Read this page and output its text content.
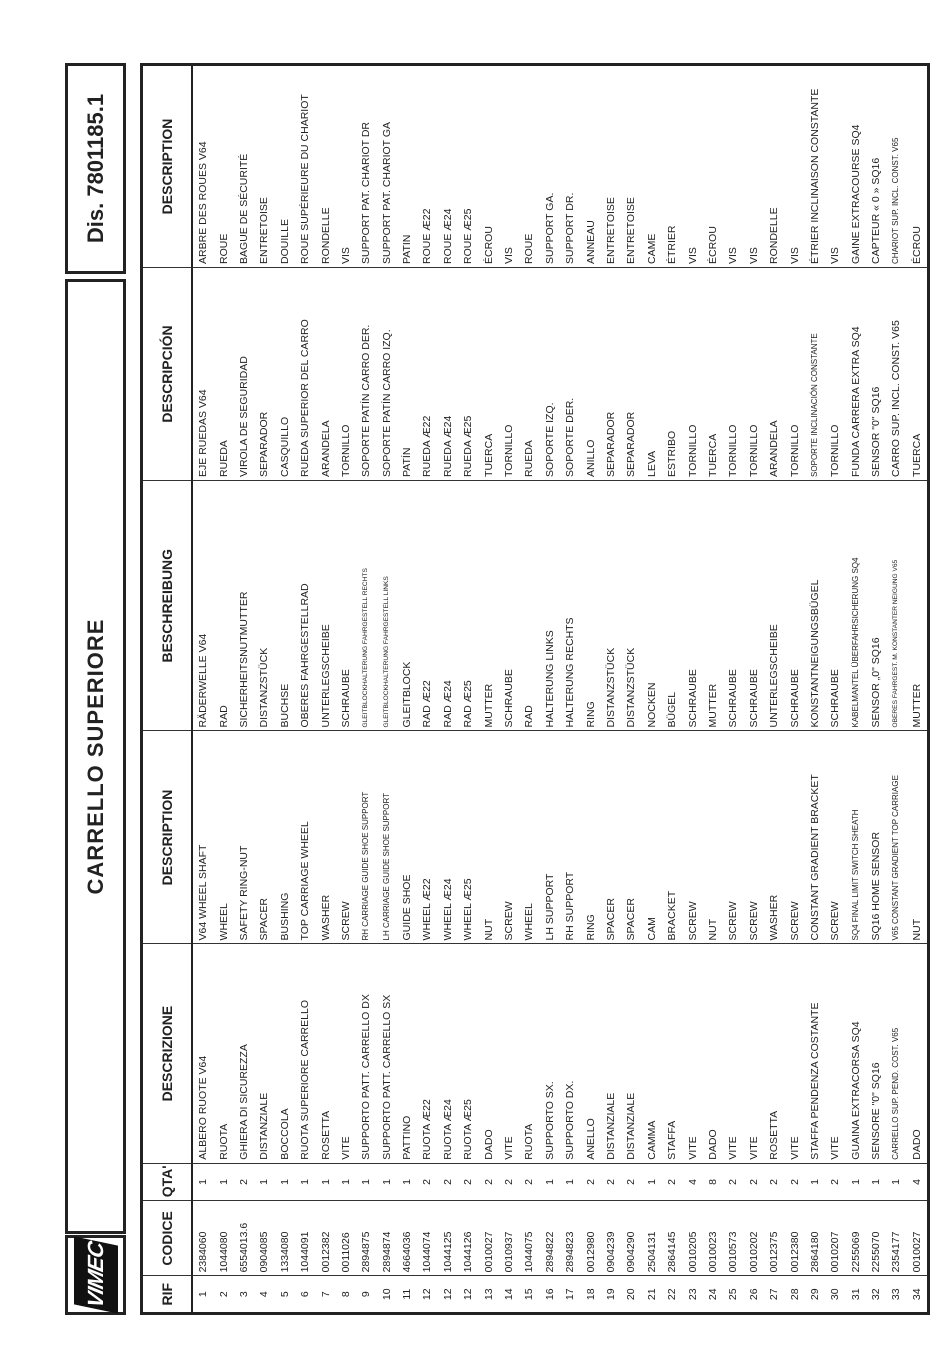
VIMEC
CARRELLO SUPERIORE
Dis. 7801185.1
RIF	CODICE	QTA'	DESCRIZIONE	DESCRIPTION	BESCHREIBUNG	DESCRIPCIÓN	DESCRIPTION
1	2384060	1	ALBERO RUOTE V64	V64 WHEEL SHAFT	RÄDERWELLE V64	EJE RUEDAS V64	ARBRE DES ROUES V64
2	1044080	1	RUOTA	WHEEL	RAD	RUEDA	ROUE
3	6554013.6	2	GHIERA DI SICUREZZA	SAFETY RING-NUT	SICHERHEITSNUTMUTTER	VIROLA DE SEGURIDAD	BAGUE DE SÉCURITÉ
4	0904085	1	DISTANZIALE	SPACER	DISTANZSTÜCK	SEPARADOR	ENTRETOISE
5	1334080	1	BOCCOLA	BUSHING	BUCHSE	CASQUILLO	DOUILLE
6	1044091	1	RUOTA SUPERIORE CARRELLO	TOP CARRIAGE WHEEL	OBERES FAHRGESTELLRAD	RUEDA SUPERIOR DEL CARRO	ROUE SUPÉRIEURE DU CHARIOT
7	0012382	1	ROSETTA	WASHER	UNTERLEGSCHEIBE	ARANDELA	RONDELLE
8	0011026	1	VITE	SCREW	SCHRAUBE	TORNILLO	VIS
9	2894875	1	SUPPORTO PATT. CARRELLO DX	RH CARRIAGE GUIDE SHOE SUPPORT	GLEITBLOCKHALTERUNG FAHRGESTELL RECHTS	SOPORTE PATÍN CARRO DER.	SUPPORT PAT. CHARIOT DR
10	2894874	1	SUPPORTO PATT. CARRELLO SX	LH CARRIAGE GUIDE SHOE SUPPORT	GLEITBLOCKHALTERUNG FAHRGESTELL LINKS	SOPORTE PATÍN CARRO IZQ.	SUPPORT PAT. CHARIOT GA
11	4664036	1	PATTINO	GUIDE SHOE	GLEITBLOCK	PATÍN	PATIN
12	1044074	2	RUOTA Æ22	WHEEL Æ22	RAD Æ22	RUEDA Æ22	ROUE Æ22
12	1044125	2	RUOTA Æ24	WHEEL Æ24	RAD Æ24	RUEDA Æ24	ROUE Æ24
12	1044126	2	RUOTA Æ25	WHEEL Æ25	RAD Æ25	RUEDA Æ25	ROUE Æ25
13	0010027	2	DADO	NUT	MUTTER	TUERCA	ÉCROU
14	0010937	2	VITE	SCREW	SCHRAUBE	TORNILLO	VIS
15	1044075	2	RUOTA	WHEEL	RAD	RUEDA	ROUE
16	2894822	1	SUPPORTO SX.	LH SUPPORT	HALTERUNG LINKS	SOPORTE IZQ.	SUPPORT GA.
17	2894823	1	SUPPORTO DX.	RH SUPPORT	HALTERUNG RECHTS	SOPORTE DER.	SUPPORT DR.
18	0012980	2	ANELLO	RING	RING	ANILLO	ANNEAU
19	0904239	2	DISTANZIALE	SPACER	DISTANZSTÜCK	SEPARADOR	ENTRETOISE
20	0904290	2	DISTANZIALE	SPACER	DISTANZSTÜCK	SEPARADOR	ENTRETOISE
21	2504131	1	CAMMA	CAM	NOCKEN	LEVA	CAME
22	2864145	2	STAFFA	BRACKET	BÜGEL	ESTRIBO	ÉTRIER
23	0010205	4	VITE	SCREW	SCHRAUBE	TORNILLO	VIS
24	0010023	8	DADO	NUT	MUTTER	TUERCA	ÉCROU
25	0010573	2	VITE	SCREW	SCHRAUBE	TORNILLO	VIS
26	0010202	2	VITE	SCREW	SCHRAUBE	TORNILLO	VIS
27	0012375	2	ROSETTA	WASHER	UNTERLEGSCHEIBE	ARANDELA	RONDELLE
28	0012380	2	VITE	SCREW	SCHRAUBE	TORNILLO	VIS
29	2864180	1	STAFFA PENDENZA COSTANTE	CONSTANT GRADIENT BRACKET	KONSTANTNEIGUNGSBÜGEL	SOPORTE INCLINACIÓN CONSTANTE	ÉTRIER INCLINAISON CONSTANTE
30	0010207	2	VITE	SCREW	SCHRAUBE	TORNILLO	VIS
31	2255069	1	GUAINA EXTRACORSA SQ4	SQ4 FINAL LIMIT SWITCH SHEATH	KABELMANTEL ÜBERFAHRSICHERUNG SQ4	FUNDA CARRERA EXTRA SQ4	GAINE EXTRACOURSE SQ4
32	2255070	1	SENSORE "0" SQ16	SQ16 HOME SENSOR	SENSOR „0" SQ16	SENSOR "0" SQ16	CAPTEUR « 0 » SQ16
33	2354177	1	CARRELLO SUP. PEND. COST. V65	V65 CONSTANT GRADIENT TOP CARRIAGE	OBERES FAHRGEST. M. KONSTANTER NEIGUNG V65	CARRO SUP. INCL. CONST. V65	CHARIOT SUP. INCL. CONST. V65
34	0010027	4	DADO	NUT	MUTTER	TUERCA	ÉCROU
